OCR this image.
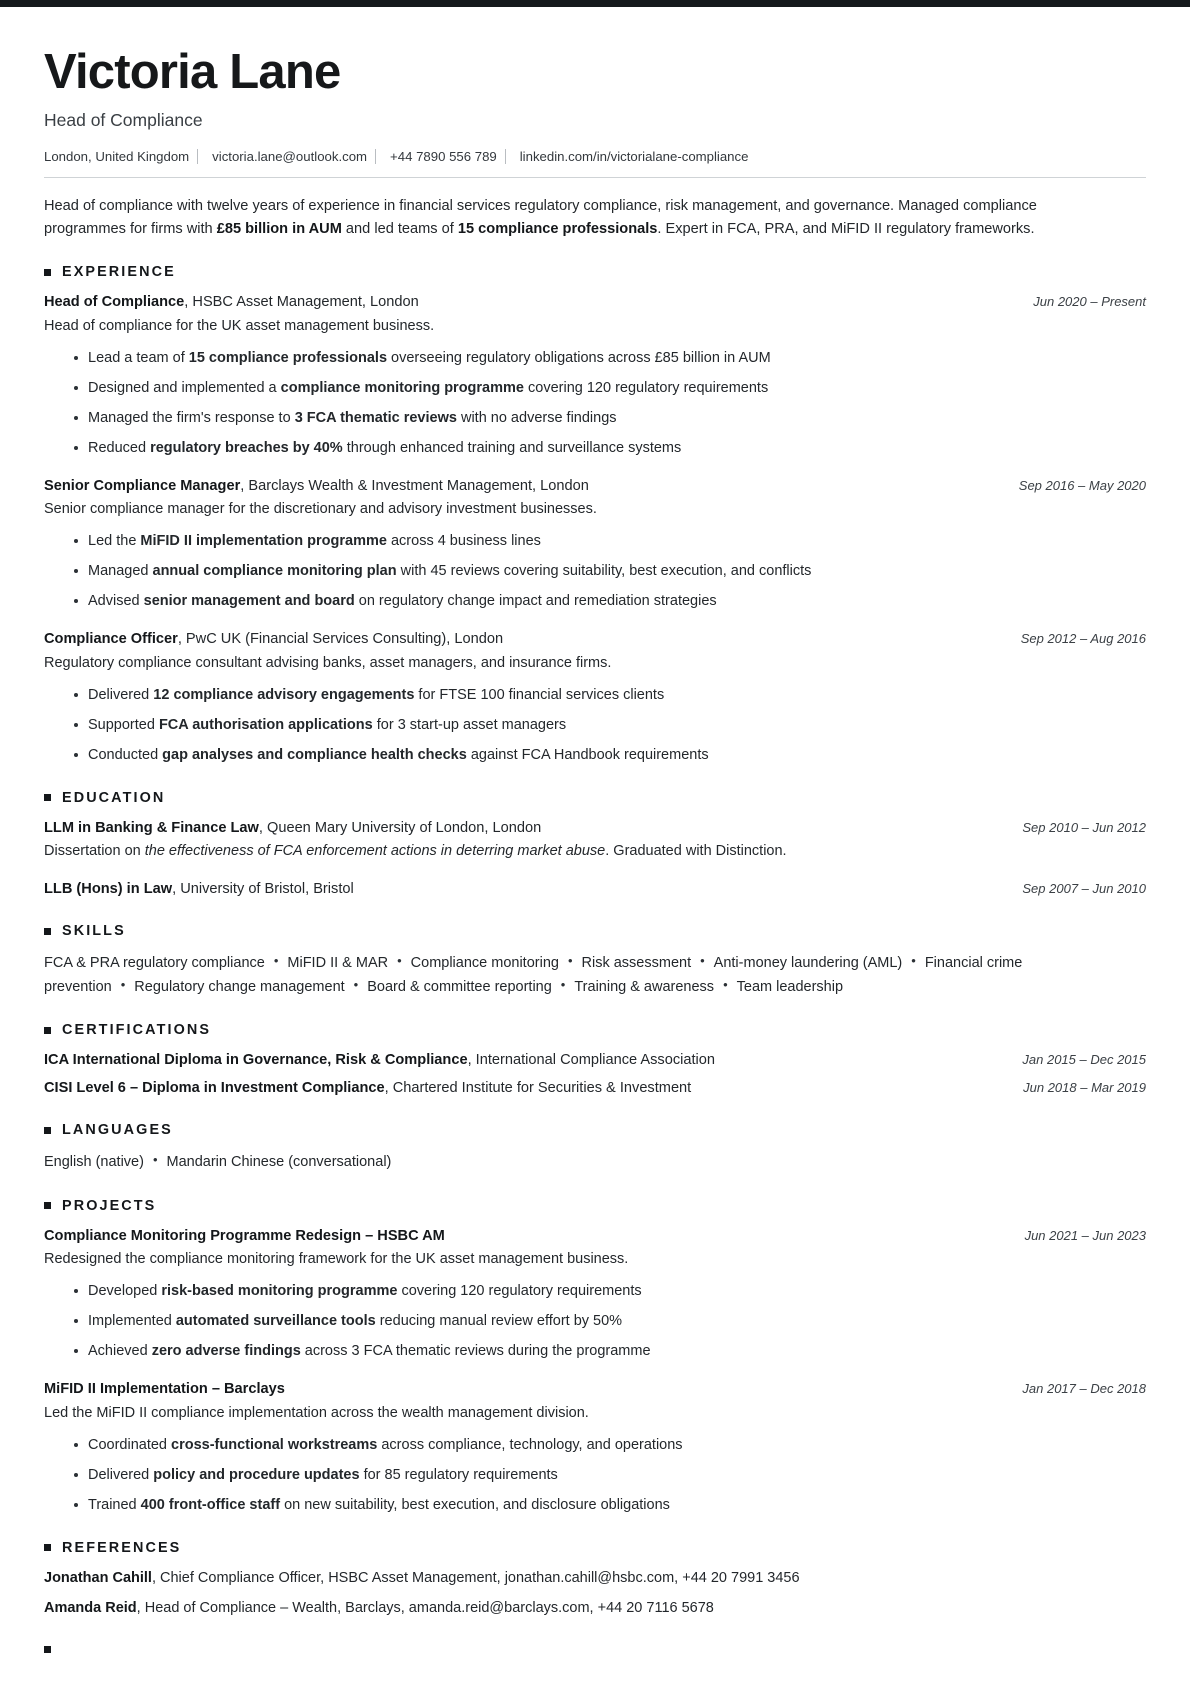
Victoria Lane
Head of Compliance
London, United Kingdom victoria.lane@outlook.com +44 7890 556 789 linkedin.com/in/victorialane-compliance
Head of compliance with twelve years of experience in financial services regulatory compliance, risk management, and governance. Managed compliance programmes for firms with £85 billion in AUM and led teams of 15 compliance professionals. Expert in FCA, PRA, and MiFID II regulatory frameworks.
EXPERIENCE
Head of Compliance, HSBC Asset Management, London	Jun 2020 – Present
Head of compliance for the UK asset management business.
Lead a team of 15 compliance professionals overseeing regulatory obligations across £85 billion in AUM
Designed and implemented a compliance monitoring programme covering 120 regulatory requirements
Managed the firm's response to 3 FCA thematic reviews with no adverse findings
Reduced regulatory breaches by 40% through enhanced training and surveillance systems
Senior Compliance Manager, Barclays Wealth & Investment Management, London	Sep 2016 – May 2020
Senior compliance manager for the discretionary and advisory investment businesses.
Led the MiFID II implementation programme across 4 business lines
Managed annual compliance monitoring plan with 45 reviews covering suitability, best execution, and conflicts
Advised senior management and board on regulatory change impact and remediation strategies
Compliance Officer, PwC UK (Financial Services Consulting), London	Sep 2012 – Aug 2016
Regulatory compliance consultant advising banks, asset managers, and insurance firms.
Delivered 12 compliance advisory engagements for FTSE 100 financial services clients
Supported FCA authorisation applications for 3 start-up asset managers
Conducted gap analyses and compliance health checks against FCA Handbook requirements
EDUCATION
LLM in Banking & Finance Law, Queen Mary University of London, London	Sep 2010 – Jun 2012
Dissertation on the effectiveness of FCA enforcement actions in deterring market abuse. Graduated with Distinction.
LLB (Hons) in Law, University of Bristol, Bristol	Sep 2007 – Jun 2010
SKILLS
FCA & PRA regulatory compliance • MiFID II & MAR • Compliance monitoring • Risk assessment • Anti-money laundering (AML) • Financial crime prevention • Regulatory change management • Board & committee reporting • Training & awareness • Team leadership
CERTIFICATIONS
ICA International Diploma in Governance, Risk & Compliance, International Compliance Association	Jan 2015 – Dec 2015
CISI Level 6 – Diploma in Investment Compliance, Chartered Institute for Securities & Investment	Jun 2018 – Mar 2019
LANGUAGES
English (native) • Mandarin Chinese (conversational)
PROJECTS
Compliance Monitoring Programme Redesign – HSBC AM	Jun 2021 – Jun 2023
Redesigned the compliance monitoring framework for the UK asset management business.
Developed risk-based monitoring programme covering 120 regulatory requirements
Implemented automated surveillance tools reducing manual review effort by 50%
Achieved zero adverse findings across 3 FCA thematic reviews during the programme
MiFID II Implementation – Barclays	Jan 2017 – Dec 2018
Led the MiFID II compliance implementation across the wealth management division.
Coordinated cross-functional workstreams across compliance, technology, and operations
Delivered policy and procedure updates for 85 regulatory requirements
Trained 400 front-office staff on new suitability, best execution, and disclosure obligations
REFERENCES
Jonathan Cahill, Chief Compliance Officer, HSBC Asset Management, jonathan.cahill@hsbc.com, +44 20 7991 3456
Amanda Reid, Head of Compliance – Wealth, Barclays, amanda.reid@barclays.com, +44 20 7116 5678
